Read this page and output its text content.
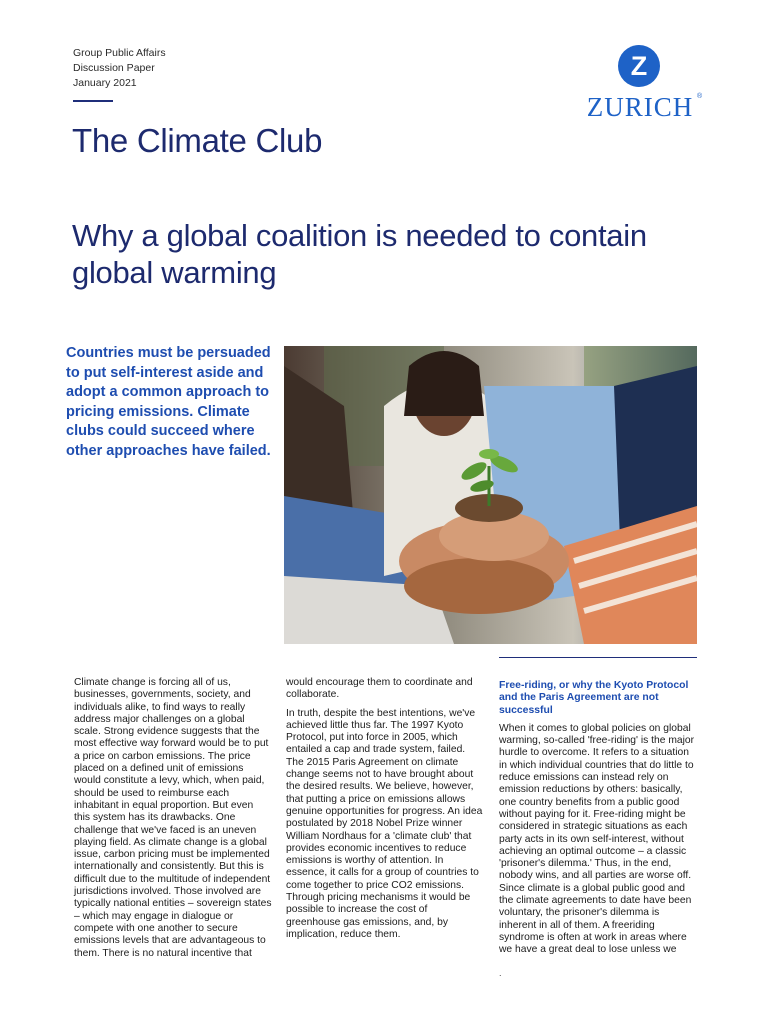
Group Public Affairs
Discussion Paper
January 2021
Z
ZURICH ®
The Climate Club
Why a global coalition is needed to contain global warming
Countries must be persuaded to put self-interest aside and adopt a common approach to pricing emissions. Climate clubs could succeed where other approaches have failed.

Climate change is forcing all of us, businesses, governments, society, and individuals alike, to find ways to really address major challenges on a global scale. Strong evidence suggests that the most effective way forward would be to put a price on carbon emissions. The price placed on a defined unit of emissions would constitute a levy, which, when paid, should be used to reimburse each inhabitant in equal proportion. But even this system has its drawbacks. One challenge that we've faced is an uneven playing field. As climate change is a global issue, carbon pricing must be implemented internationally and consistently. But this is difficult due to the multitude of independent jurisdictions involved. Those involved are typically national entities – sovereign states – which may engage in dialogue or compete with one another to secure emissions levels that are advantageous to them. There is no natural incentive that

would encourage them to coordinate and collaborate.

In truth, despite the best intentions, we've achieved little thus far. The 1997 Kyoto Protocol, put into force in 2005, which entailed a cap and trade system, failed. The 2015 Paris Agreement on climate change seems not to have brought about the desired results. We believe, however, that putting a price on emissions allows genuine opportunities for progress. An idea postulated by 2018 Nobel Prize winner William Nordhaus for a 'climate club' that provides economic incentives to reduce emissions is worthy of attention. In essence, it calls for a group of countries to come together to price CO2 emissions. Through pricing mechanisms it would be possible to increase the cost of greenhouse gas emissions, and, by implication, reduce them.

Free-riding, or why the Kyoto Protocol and the Paris Agreement are not successful

When it comes to global policies on global warming, so-called 'free-riding' is the major hurdle to overcome. It refers to a situation in which individual countries that do little to reduce emissions can instead rely on emission reductions by others: basically, one country benefits from a public good without paying for it. Free-riding might be considered in strategic situations as each party acts in its own self-interest, without achieving an optimal outcome – a classic 'prisoner's dilemma.' Thus, in the end, nobody wins, and all parties are worse off. Since climate is a global public good and the climate agreements to date have been voluntary, the prisoner's dilemma is inherent in all of them. A freeriding syndrome is often at work in areas where we have a great deal to lose unless we

.
